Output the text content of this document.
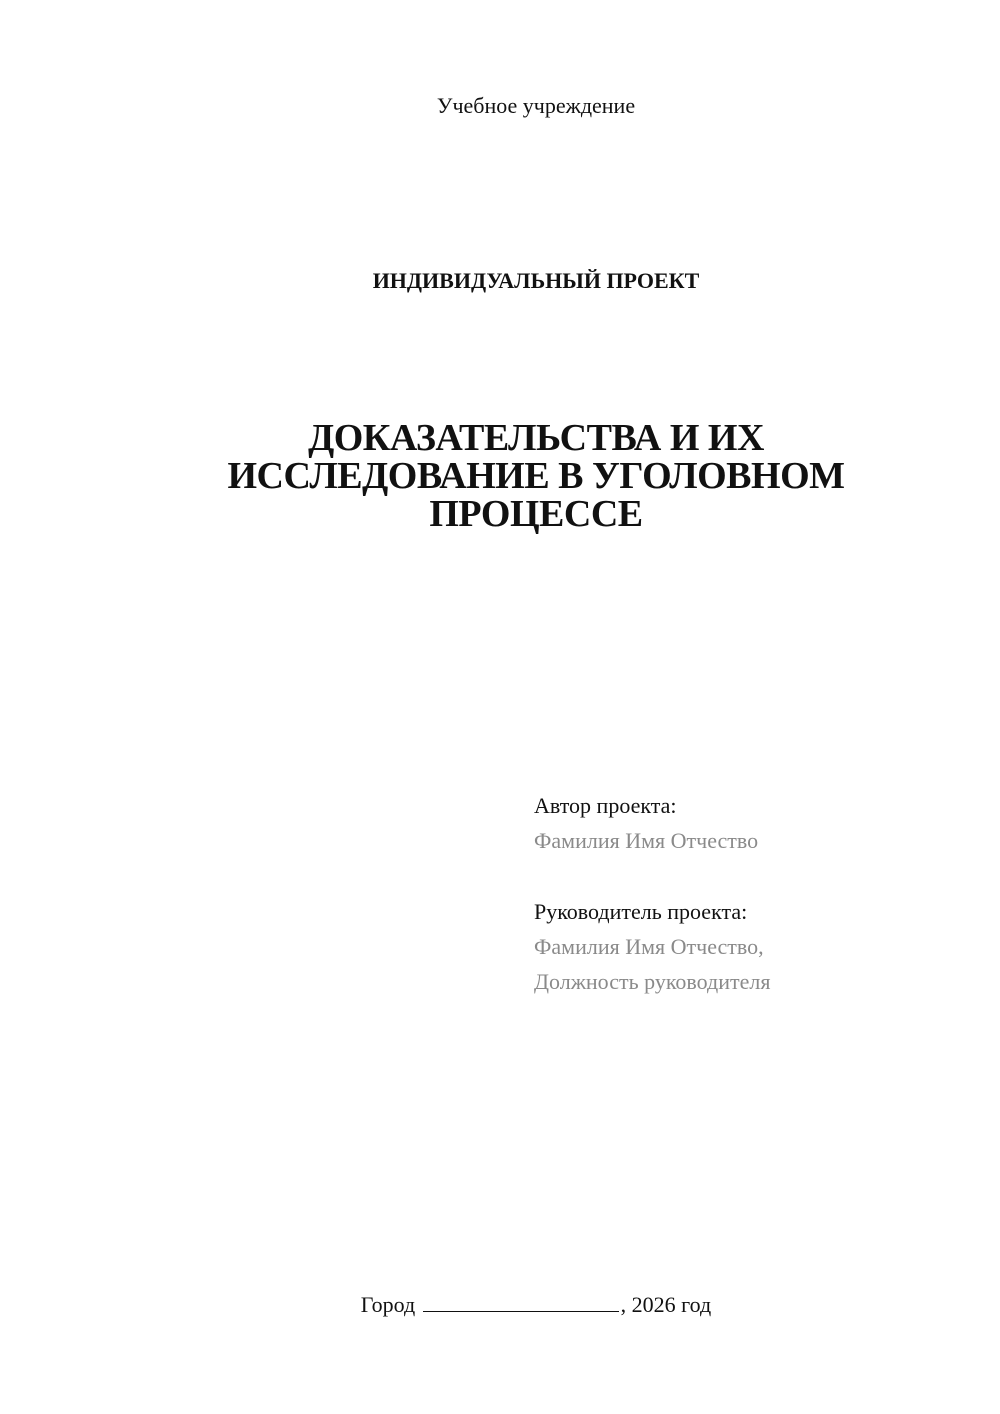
Учебное учреждение
ИНДИВИДУАЛЬНЫЙ ПРОЕКТ
ДОКАЗАТЕЛЬСТВА И ИХ
ИССЛЕДОВАНИЕ В УГОЛОВНОМ
ПРОЦЕССЕ
Автор проекта:
Фамилия Имя Отчество
Руководитель проекта:
Фамилия Имя Отчество,
Должность руководителя
Город	, 2026 год
